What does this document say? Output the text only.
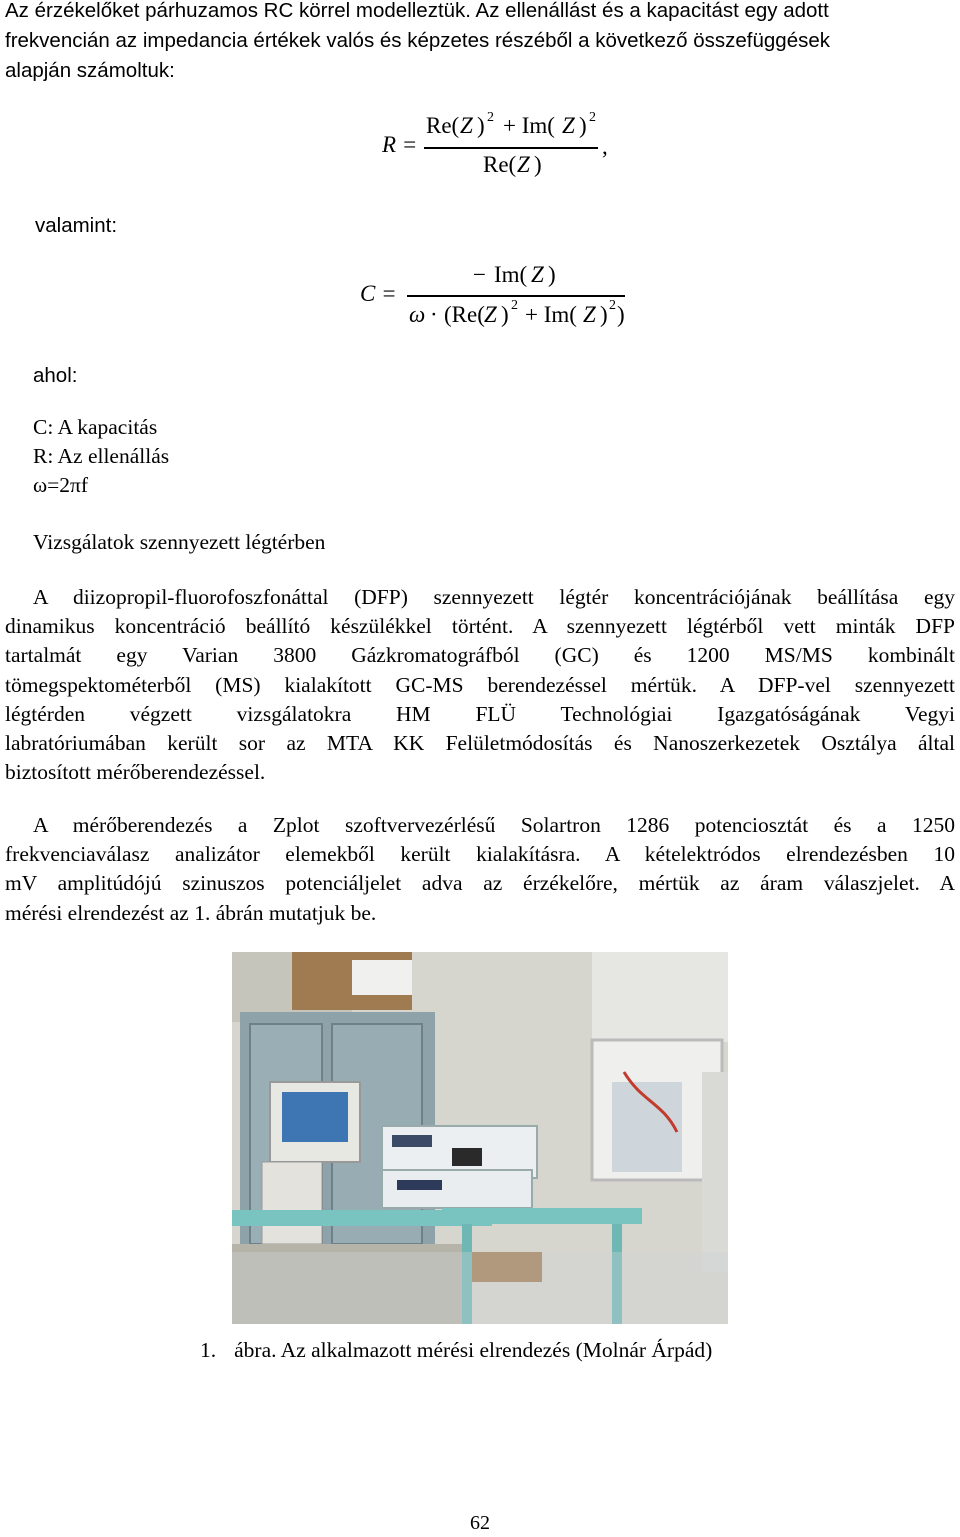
Az érzékelőket párhuzamos RC körrel modelleztük. Az ellenállást és a kapacitást egy adott
frekvencián az impedancia értékek valós és képzetes részéből a következő összefüggések
alapján számoltuk:
R =
Re( Z ) 2 + Im( Z ) 2
,
Re( Z )
valamint:
C =
− Im( Z )
ω · (Re( Z ) 2 + Im( Z ) 2 )
ahol:
C: A kapacitás
R: Az ellenállás
ω=2πf
Vizsgálatok szennyezett légtérben
A diizopropil-fluorofoszfonáttal (DFP) szennyezett légtér koncentrációjának beállítása egy
dinamikus koncentráció beállító készülékkel történt. A szennyezett légtérből vett minták DFP
tartalmát egy Varian 3800 Gázkromatográfból (GC) és 1200 MS/MS kombinált
tömegspektométerből (MS) kialakított GC-MS berendezéssel mértük. A DFP-vel szennyezett
légtérden végzett vizsgálatokra HM FLÜ Technológiai Igazgatóságának Vegyi
labratóriumában került sor az MTA KK Felületmódosítás és Nanoszerkezetek Osztálya által
biztosított mérőberendezéssel.
A mérőberendezés a Zplot szoftvervezérlésű Solartron 1286 potenciosztát és a 1250
frekvenciaválasz analizátor elemekből került kialakításra. A kételektródos elrendezésben 10
mV amplitúdójú szinuszos potenciáljelet adva az érzékelőre, mértük az áram válaszjelet. A
mérési elrendezést az 1. ábrán mutatjuk be.
1. ábra. Az alkalmazott mérési elrendezés (Molnár Árpád)
62
